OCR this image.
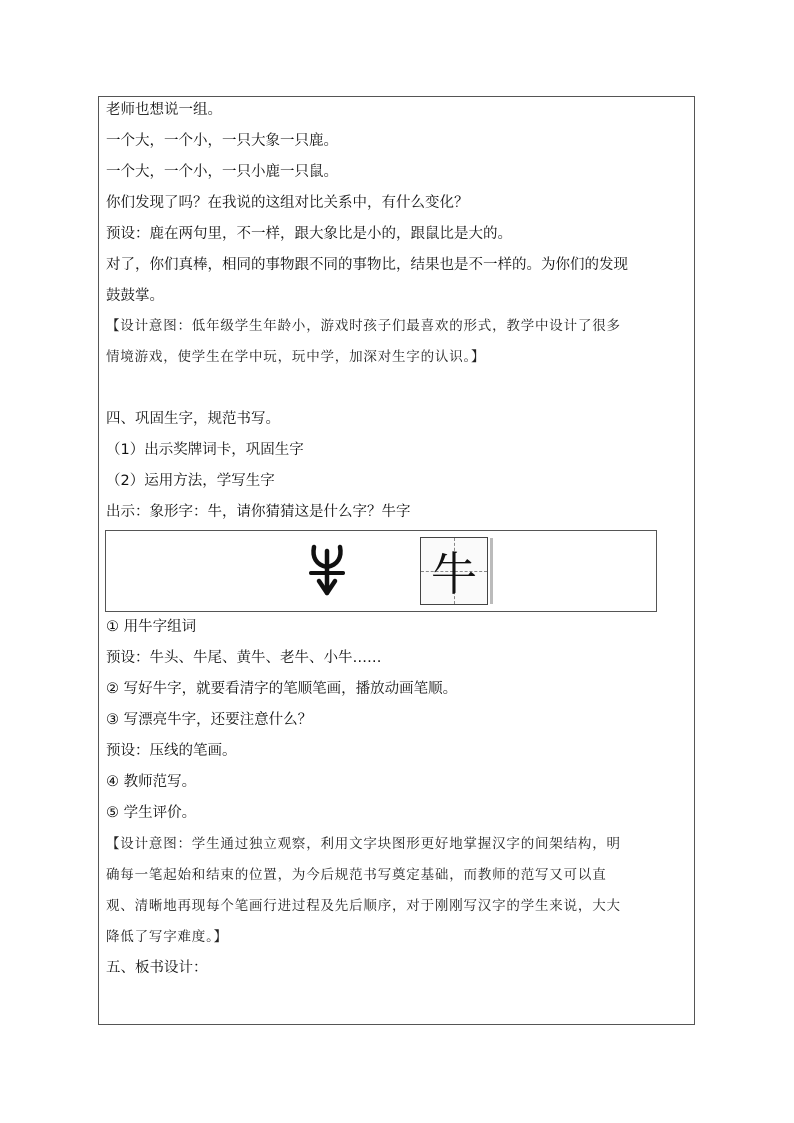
老师也想说一组。

一个大，一个小，一只大象一只鹿。

一个大，一个小，一只小鹿一只鼠。

你们发现了吗？在我说的这组对比关系中，有什么变化？

预设：鹿在两句里，不一样，跟大象比是小的，跟鼠比是大的。

对了，你们真棒，相同的事物跟不同的事物比，结果也是不一样的。为你们的发现

鼓鼓掌。

【设计意图：低年级学生年龄小，游戏时孩子们最喜欢的形式，教学中设计了很多

情境游戏，使学生在学中玩，玩中学，加深对生字的认识。】

四、巩固生字，规范书写。

（1）出示奖牌词卡，巩固生字

（2）运用方法，学写生字

出示：象形字：牛，请你猜猜这是什么字？牛字

牛

① 用牛字组词

预设：牛头、牛尾、黄牛、老牛、小牛……

② 写好牛字，就要看清字的笔顺笔画，播放动画笔顺。

③ 写漂亮牛字，还要注意什么？

预设：压线的笔画。

④ 教师范写。

⑤ 学生评价。

【设计意图：学生通过独立观察，利用文字块图形更好地掌握汉字的间架结构，明

确每一笔起始和结束的位置，为今后规范书写奠定基础，而教师的范写又可以直

观、清晰地再现每个笔画行进过程及先后顺序，对于刚刚写汉字的学生来说，大大

降低了写字难度。】

五、板书设计：
